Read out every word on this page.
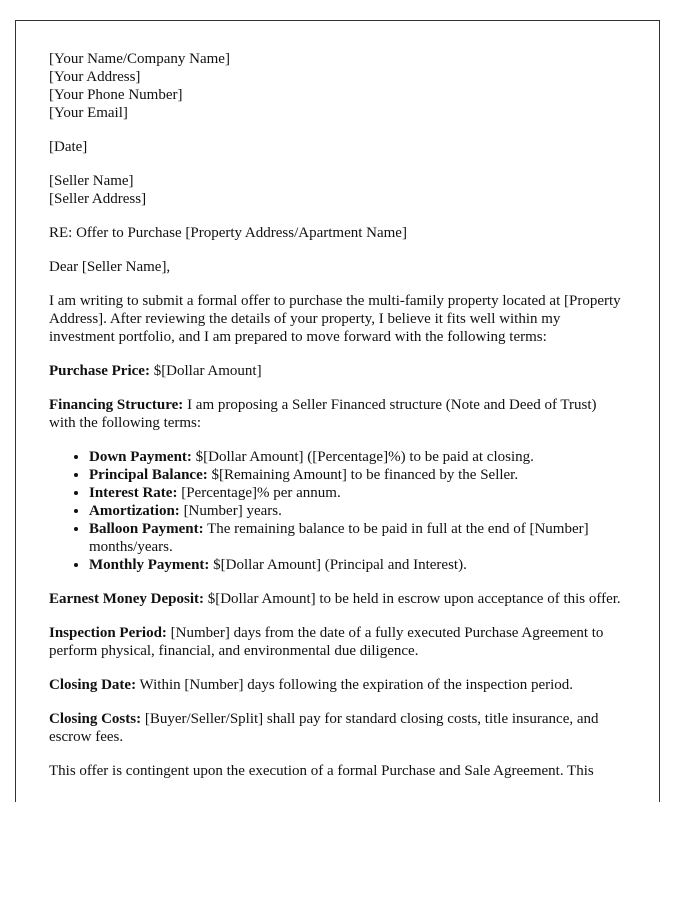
[Your Name/Company Name]
[Your Address]
[Your Phone Number]
[Your Email]

[Date]

[Seller Name]
[Seller Address]

RE: Offer to Purchase [Property Address/Apartment Name]

Dear [Seller Name],

I am writing to submit a formal offer to purchase the multi-family property located at [Property Address]. After reviewing the details of your property, I believe it fits well within my investment portfolio, and I am prepared to move forward with the following terms:

Purchase Price: $[Dollar Amount]

Financing Structure: I am proposing a Seller Financed structure (Note and Deed of Trust) with the following terms:

• Down Payment: $[Dollar Amount] ([Percentage]%) to be paid at closing.
• Principal Balance: $[Remaining Amount] to be financed by the Seller.
• Interest Rate: [Percentage]% per annum.
• Amortization: [Number] years.
• Balloon Payment: The remaining balance to be paid in full at the end of [Number] months/years.
• Monthly Payment: $[Dollar Amount] (Principal and Interest).

Earnest Money Deposit: $[Dollar Amount] to be held in escrow upon acceptance of this offer.

Inspection Period: [Number] days from the date of a fully executed Purchase Agreement to perform physical, financial, and environmental due diligence.

Closing Date: Within [Number] days following the expiration of the inspection period.

Closing Costs: [Buyer/Seller/Split] shall pay for standard closing costs, title insurance, and escrow fees.

This offer is contingent upon the execution of a formal Purchase and Sale Agreement. This
